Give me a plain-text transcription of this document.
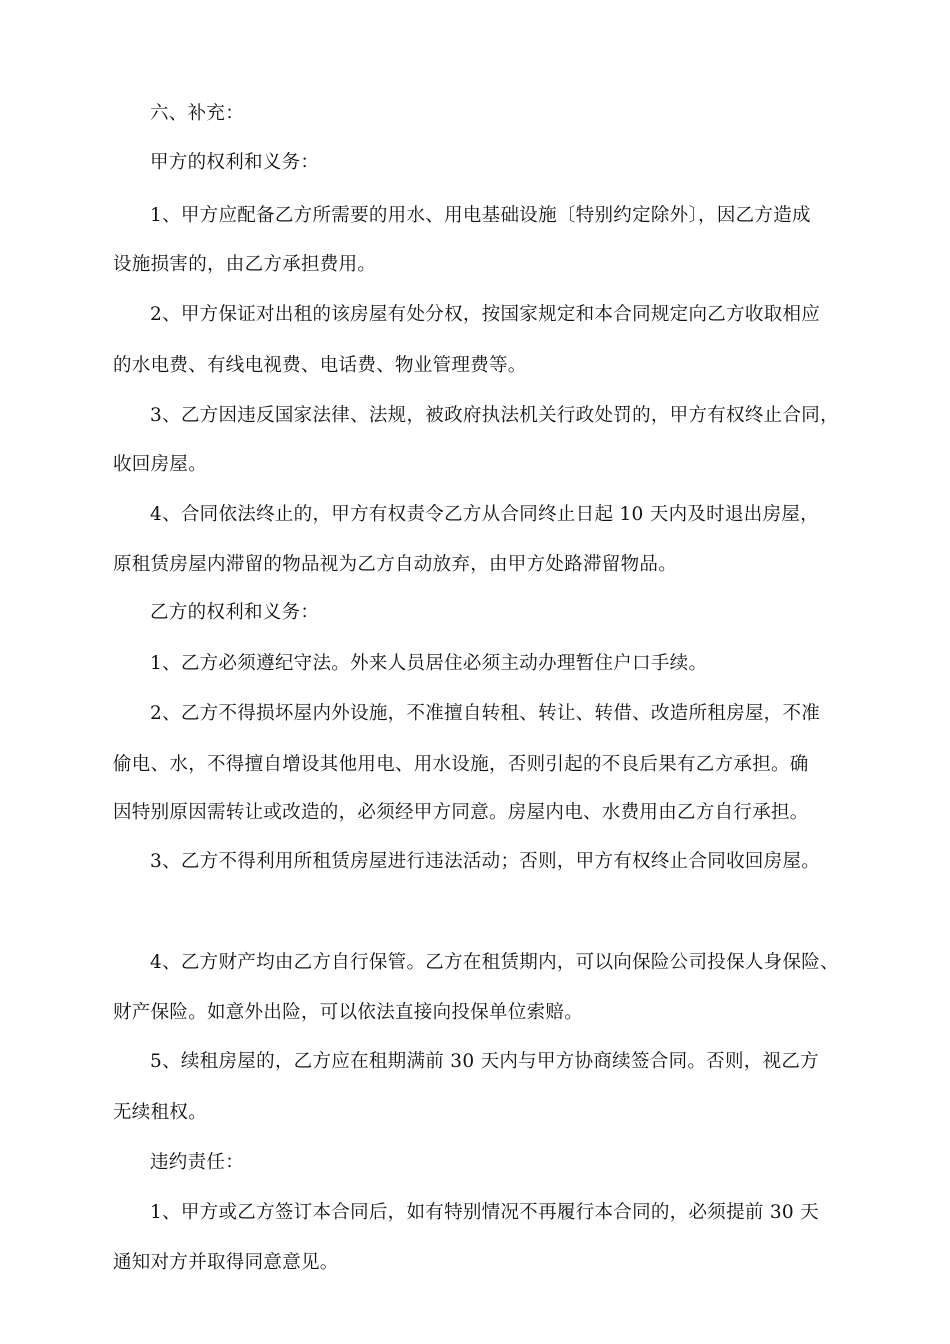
六、补充：
甲方的权利和义务：
1、甲方应配备乙方所需要的用水、用电基础设施〔特别约定除外〕，因乙方造成
设施损害的，由乙方承担费用。
2、甲方保证对出租的该房屋有处分权，按国家规定和本合同规定向乙方收取相应
的水电费、有线电视费、电话费、物业管理费等。
3、乙方因违反国家法律、法规，被政府执法机关行政处罚的，甲方有权终止合同，
收回房屋。
4、合同依法终止的，甲方有权责令乙方从合同终止日起 10 天内及时退出房屋，
原租赁房屋内滞留的物品视为乙方自动放弃，由甲方处路滞留物品。
乙方的权利和义务：
1、乙方必须遵纪守法。外来人员居住必须主动办理暂住户口手续。
2、乙方不得损坏屋内外设施，不准擅自转租、转让、转借、改造所租房屋，不准
偷电、水，不得擅自增设其他用电、用水设施，否则引起的不良后果有乙方承担。确
因特别原因需转让或改造的，必须经甲方同意。房屋内电、水费用由乙方自行承担。
3、乙方不得利用所租赁房屋进行违法活动；否则，甲方有权终止合同收回房屋。
4、乙方财产均由乙方自行保管。乙方在租赁期内，可以向保险公司投保人身保险、
财产保险。如意外出险，可以依法直接向投保单位索赔。
5、续租房屋的，乙方应在租期满前 30 天内与甲方协商续签合同。否则，视乙方
无续租权。
违约责任：
1、甲方或乙方签订本合同后，如有特别情况不再履行本合同的，必须提前 30 天
通知对方并取得同意意见。
